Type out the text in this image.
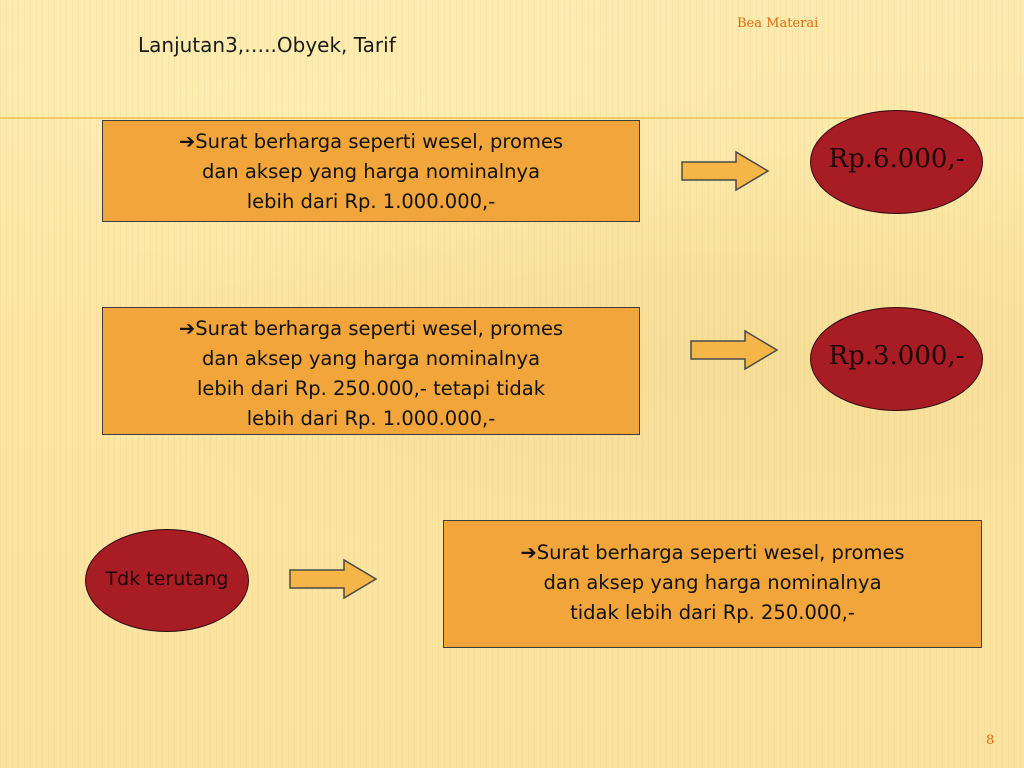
Bea Materai
Lanjutan3,…..Obyek, Tarif
➔Surat berharga seperti wesel, promes
dan aksep yang harga nominalnya
lebih dari Rp. 1.000.000,-
Rp.6.000,-
➔Surat berharga seperti wesel, promes
dan aksep yang harga nominalnya
lebih dari Rp. 250.000,- tetapi tidak
lebih dari Rp. 1.000.000,-
Rp.3.000,-
Tdk terutang
➔Surat berharga seperti wesel, promes
dan aksep yang harga nominalnya
tidak lebih dari Rp. 250.000,-
8
